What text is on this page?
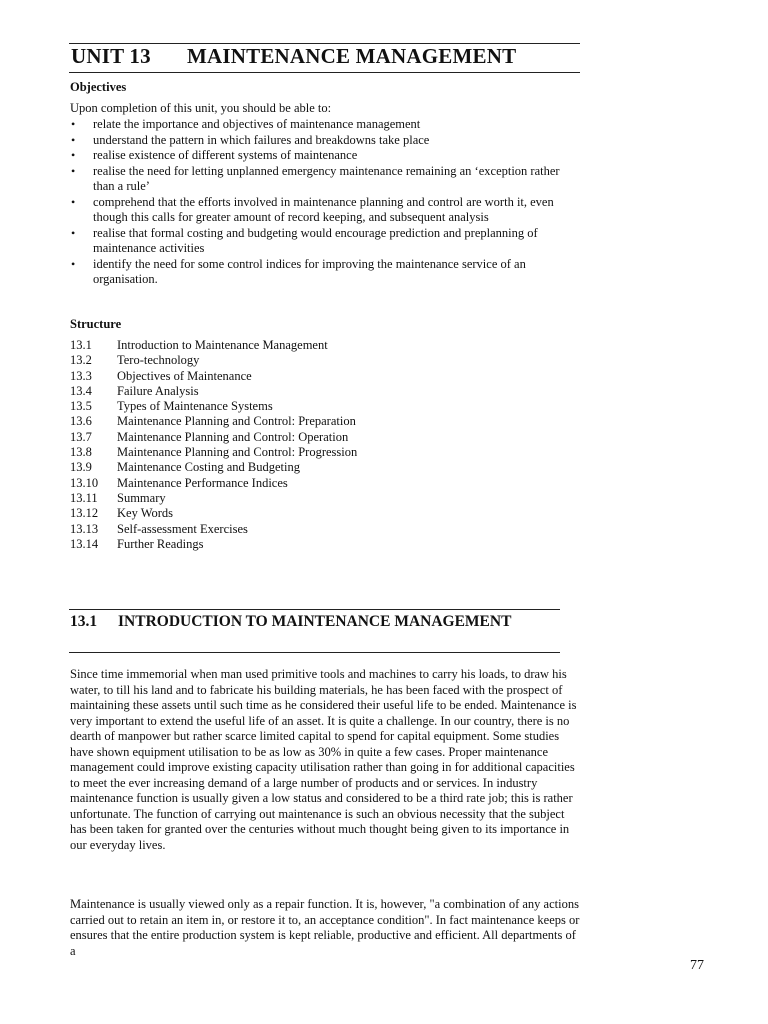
UNIT 13 MAINTENANCE MANAGEMENT
Objectives
Upon completion of this unit, you should be able to:
• relate the importance and objectives of maintenance management
• understand the pattern in which failures and breakdowns take place
• realise existence of different systems of maintenance
• realise the need for letting unplanned emergency maintenance remaining an ‘exception rather than a rule’
• comprehend that the efforts involved in maintenance planning and control are worth it, even though this calls for greater amount of record keeping, and subsequent analysis
• realise that formal costing and budgeting would encourage prediction and preplanning of maintenance activities
• identify the need for some control indices for improving the maintenance service of an organisation.
Structure
13.1 Introduction to Maintenance Management
13.2 Tero-technology
13.3 Objectives of Maintenance
13.4 Failure Analysis
13.5 Types of Maintenance Systems
13.6 Maintenance Planning and Control: Preparation
13.7 Maintenance Planning and Control: Operation
13.8 Maintenance Planning and Control: Progression
13.9 Maintenance Costing and Budgeting
13.10 Maintenance Performance Indices
13.11 Summary
13.12 Key Words
13.13 Self-assessment Exercises
13.14 Further Readings
13.1	INTRODUCTION TO MAINTENANCE MANAGEMENT
Since time immemorial when man used primitive tools and machines to carry his loads, to draw his water, to till his land and to fabricate his building materials, he has been faced with the prospect of maintaining these assets until such time as he considered their useful life to be ended. Maintenance is very important to extend the useful life of an asset. It is quite a challenge. In our country, there is no dearth of manpower but rather scarce limited capital to spend for capital equipment. Some studies have shown equipment utilisation to be as low as 30% in quite a few cases. Proper maintenance management could improve existing capacity utilisation rather than going in for additional capacities to meet the ever increasing demand of a large number of products and or services. In industry maintenance function is usually given a low status and considered to be a third rate job; this is rather unfortunate. The function of carrying out maintenance is such an obvious necessity that the subject has been taken for granted over the centuries without much thought being given to its importance in our everyday lives.
Maintenance is usually viewed only as a repair function. It is, however, "a combination of any actions carried out to retain an item in, or restore it to, an acceptance condition". In fact maintenance keeps or ensures that the entire production system is kept reliable, productive and efficient. All departments of a
77
